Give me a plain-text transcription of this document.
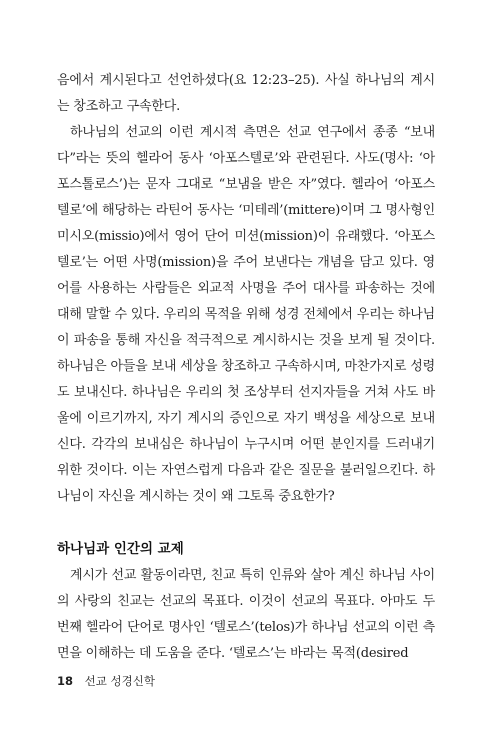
음에서 계시된다고 선언하셨다(요 12:23–25). 사실 하나님의 계시는 창조하고 구속한다.

하나님의 선교의 이런 계시적 측면은 선교 연구에서 종종 “보내다”라는 뜻의 헬라어 동사 ‘아포스텔로’와 관련된다. 사도(명사: ‘아포스톨로스’)는 문자 그대로 “보냄을 받은 자”였다. 헬라어 ‘아포스텔로’에 해당하는 라틴어 동사는 ‘미테레’(mittere)이며 그 명사형인 미시오(missio)에서 영어 단어 미션(mission)이 유래했다. ‘아포스텔로’는 어떤 사명(mission)을 주어 보낸다는 개념을 담고 있다. 영어를 사용하는 사람들은 외교적 사명을 주어 대사를 파송하는 것에 대해 말할 수 있다. 우리의 목적을 위해 성경 전체에서 우리는 하나님이 파송을 통해 자신을 적극적으로 계시하시는 것을 보게 될 것이다. 하나님은 아들을 보내 세상을 창조하고 구속하시며, 마찬가지로 성령도 보내신다. 하나님은 우리의 첫 조상부터 선지자들을 거쳐 사도 바울에 이르기까지, 자기 계시의 증인으로 자기 백성을 세상으로 보내신다. 각각의 보내심은 하나님이 누구시며 어떤 분인지를 드러내기 위한 것이다. 이는 자연스럽게 다음과 같은 질문을 불러일으킨다. 하나님이 자신을 계시하는 것이 왜 그토록 중요한가?

하나님과 인간의 교제

계시가 선교 활동이라면, 친교 특히 인류와 살아 계신 하나님 사이의 사랑의 친교는 선교의 목표다. 이것이 선교의 목표다. 아마도 두 번째 헬라어 단어로 명사인 ‘텔로스’(telos)가 하나님 선교의 이런 측면을 이해하는 데 도움을 준다. ‘텔로스’는 바라는 목적(desired

18 선교 성경신학
